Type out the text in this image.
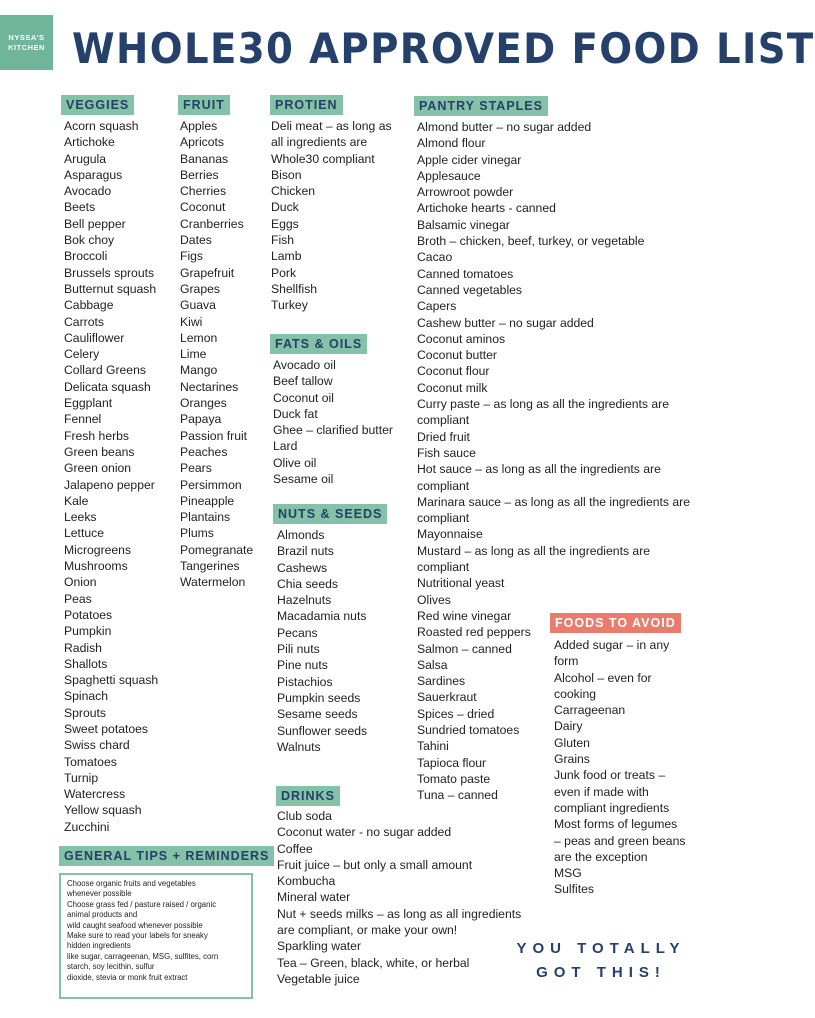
NYSSA'S
KITCHEN WHOLE30 APPROVED FOOD LIST
VEGGIES
Acorn squash
Artichoke
Arugula
Asparagus
Avocado
Beets
Bell pepper
Bok choy
Broccoli
Brussels sprouts
Butternut squash
Cabbage
Carrots
Cauliflower
Celery
Collard Greens
Delicata squash
Eggplant
Fennel
Fresh herbs
Green beans
Green onion
Jalapeno pepper
Kale
Leeks
Lettuce
Microgreens
Mushrooms
Onion
Peas
Potatoes
Pumpkin
Radish
Shallots
Spaghetti squash
Spinach
Sprouts
Sweet potatoes
Swiss chard
Tomatoes
Turnip
Watercress
Yellow squash
Zucchini
FRUIT
Apples
Apricots
Bananas
Berries
Cherries
Coconut
Cranberries
Dates
Figs
Grapefruit
Grapes
Guava
Kiwi
Lemon
Lime
Mango
Nectarines
Oranges
Papaya
Passion fruit
Peaches
Pears
Persimmon
Pineapple
Plantains
Plums
Pomegranate
Tangerines
Watermelon
PROTIEN
Deli meat – as long as
all ingredients are
Whole30 compliant
Bison
Chicken
Duck
Eggs
Fish
Lamb
Pork
Shellfish
Turkey
FATS & OILS
Avocado oil
Beef tallow
Coconut oil
Duck fat
Ghee – clarified butter
Lard
Olive oil
Sesame oil
NUTS & SEEDS
Almonds
Brazil nuts
Cashews
Chia seeds
Hazelnuts
Macadamia nuts
Pecans
Pili nuts
Pine nuts
Pistachios
Pumpkin seeds
Sesame seeds
Sunflower seeds
Walnuts
DRINKS
Club soda
Coconut water - no sugar added
Coffee
Fruit juice – but only a small amount
Kombucha
Mineral water
Nut + seeds milks – as long as all ingredients
are compliant, or make your own!
Sparkling water
Tea – Green, black, white, or herbal
Vegetable juice
PANTRY STAPLES
Almond butter – no sugar added
Almond flour
Apple cider vinegar
Applesauce
Arrowroot powder
Artichoke hearts - canned
Balsamic vinegar
Broth – chicken, beef, turkey, or vegetable
Cacao
Canned tomatoes
Canned vegetables
Capers
Cashew butter – no sugar added
Coconut aminos
Coconut butter
Coconut flour
Coconut milk
Curry paste – as long as all the ingredients are
compliant
Dried fruit
Fish sauce
Hot sauce – as long as all the ingredients are
compliant
Marinara sauce – as long as all the ingredients are
compliant
Mayonnaise
Mustard – as long as all the ingredients are
compliant
Nutritional yeast
Olives
Red wine vinegar
Roasted red peppers
Salmon – canned
Salsa
Sardines
Sauerkraut
Spices – dried
Sundried tomatoes
Tahini
Tapioca flour
Tomato paste
Tuna – canned
FOODS TO AVOID
Added sugar – in any
form
Alcohol – even for
cooking
Carrageenan
Dairy
Gluten
Grains
Junk food or treats –
even if made with
compliant ingredients
Most forms of legumes
– peas and green beans
are the exception
MSG
Sulfites
GENERAL TIPS + REMINDERS
Choose organic fruits and vegetables
whenever possible
Choose grass fed / pasture raised / organic
animal products and
wild caught seafood whenever possible
Make sure to read your labels for sneaky
hidden ingredients
like sugar, carrageenan, MSG, sulfites, corn
starch, soy lecithin, sulfur
dioxide, stevia or monk fruit extract
YOU TOTALLY
GOT THIS!
